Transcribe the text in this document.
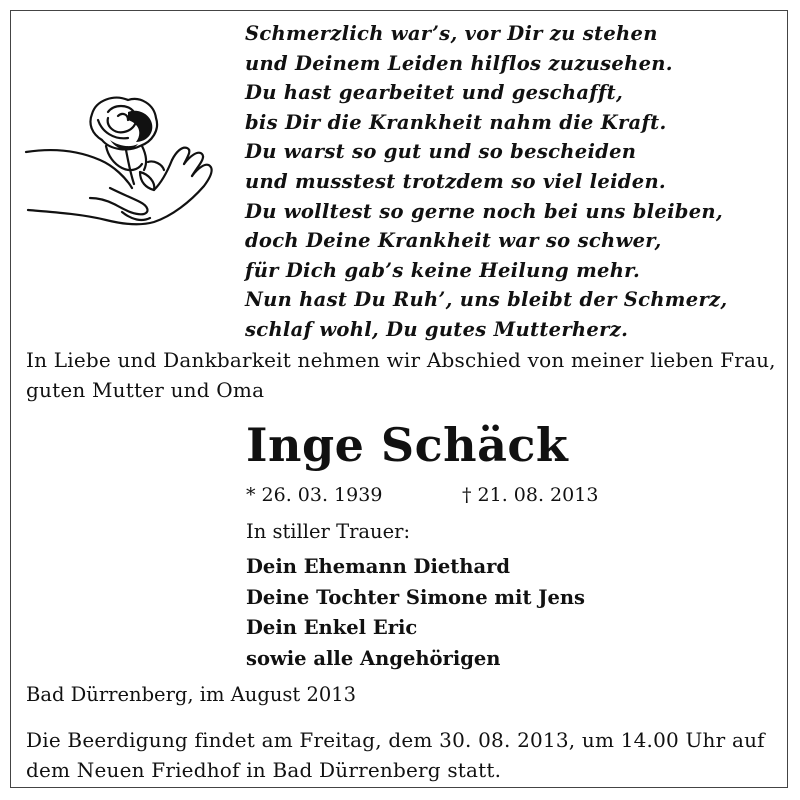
Schmerzlich war’s, vor Dir zu stehen
und Deinem Leiden hilflos zuzusehen.
Du hast gearbeitet und geschafft,
bis Dir die Krankheit nahm die Kraft.
Du warst so gut und so bescheiden
und musstest trotzdem so viel leiden.
Du wolltest so gerne noch bei uns bleiben,
doch Deine Krankheit war so schwer,
für Dich gab’s keine Heilung mehr.
Nun hast Du Ruh’, uns bleibt der Schmerz,
schlaf wohl, Du gutes Mutterherz.
In Liebe und Dankbarkeit nehmen wir Abschied von meiner lieben Frau, guten Mutter und Oma
Inge Schäck
* 26. 03. 1939	† 21. 08. 2013
In stiller Trauer:
Dein Ehemann Diethard
Deine Tochter Simone mit Jens
Dein Enkel Eric
sowie alle Angehörigen
Bad Dürrenberg, im August 2013
Die Beerdigung findet am Freitag, dem 30. 08. 2013, um 14.00 Uhr auf dem Neuen Friedhof in Bad Dürrenberg statt.
